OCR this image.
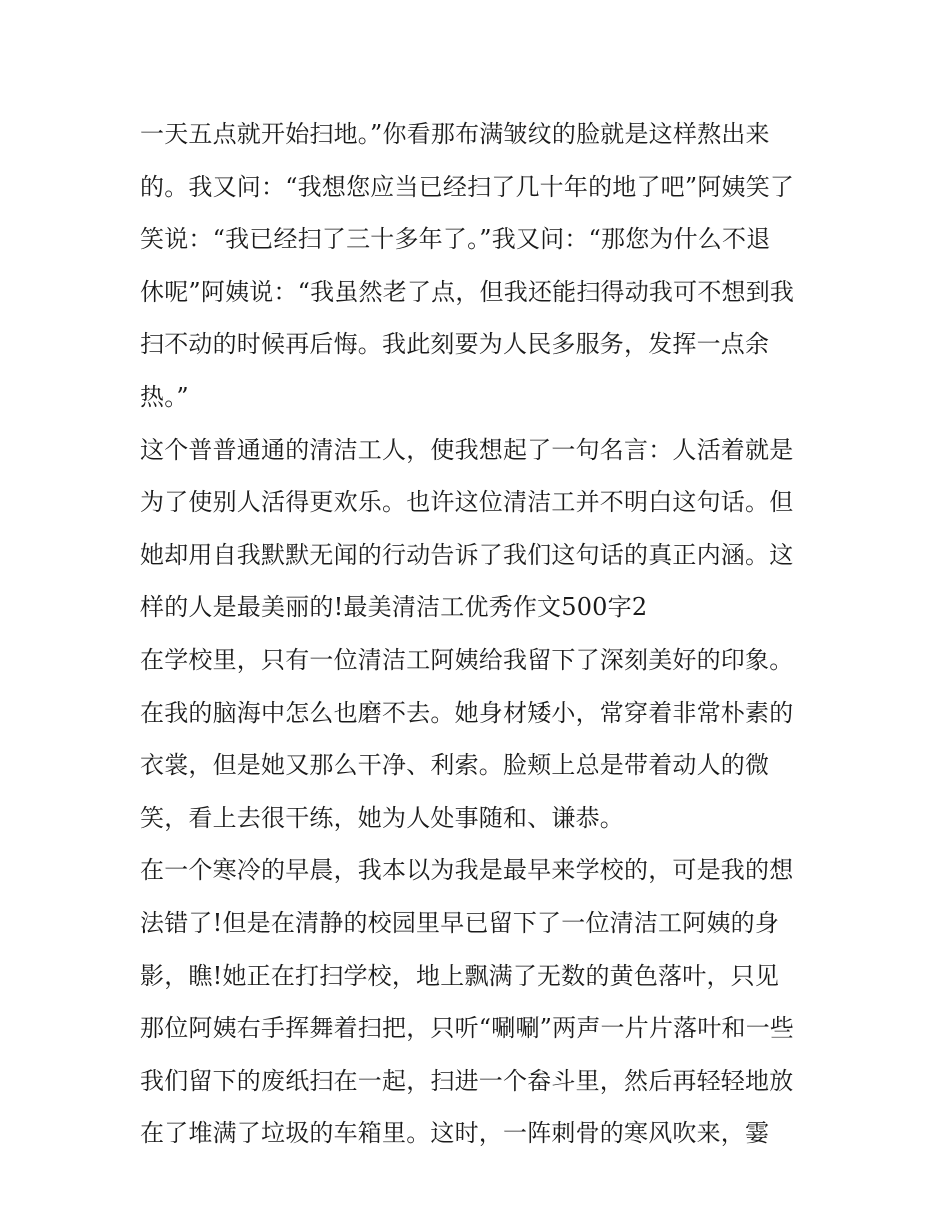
一天五点就开始扫地。”你看那布满皱纹的脸就是这样熬出来
的。我又问：“我想您应当已经扫了几十年的地了吧”阿姨笑了
笑说：“我已经扫了三十多年了。”我又问：“那您为什么不退
休呢”阿姨说：“我虽然老了点，但我还能扫得动我可不想到我
扫不动的时候再后悔。我此刻要为人民多服务，发挥一点余
热。”
这个普普通通的清洁工人，使我想起了一句名言：人活着就是
为了使别人活得更欢乐。也许这位清洁工并不明白这句话。但
她却用自我默默无闻的行动告诉了我们这句话的真正内涵。这
样的人是最美丽的!最美清洁工优秀作文500字2
在学校里，只有一位清洁工阿姨给我留下了深刻美好的印象。
在我的脑海中怎么也磨不去。她身材矮小，常穿着非常朴素的
衣裳，但是她又那么干净、利索。脸颊上总是带着动人的微
笑，看上去很干练，她为人处事随和、谦恭。
在一个寒冷的早晨，我本以为我是最早来学校的，可是我的想
法错了!但是在清静的校园里早已留下了一位清洁工阿姨的身
影，瞧!她正在打扫学校，地上飘满了无数的黄色落叶，只见
那位阿姨右手挥舞着扫把，只听“唰唰”两声一片片落叶和一些
我们留下的废纸扫在一起，扫进一个畚斗里，然后再轻轻地放
在了堆满了垃圾的车箱里。这时，一阵刺骨的寒风吹来，霎
